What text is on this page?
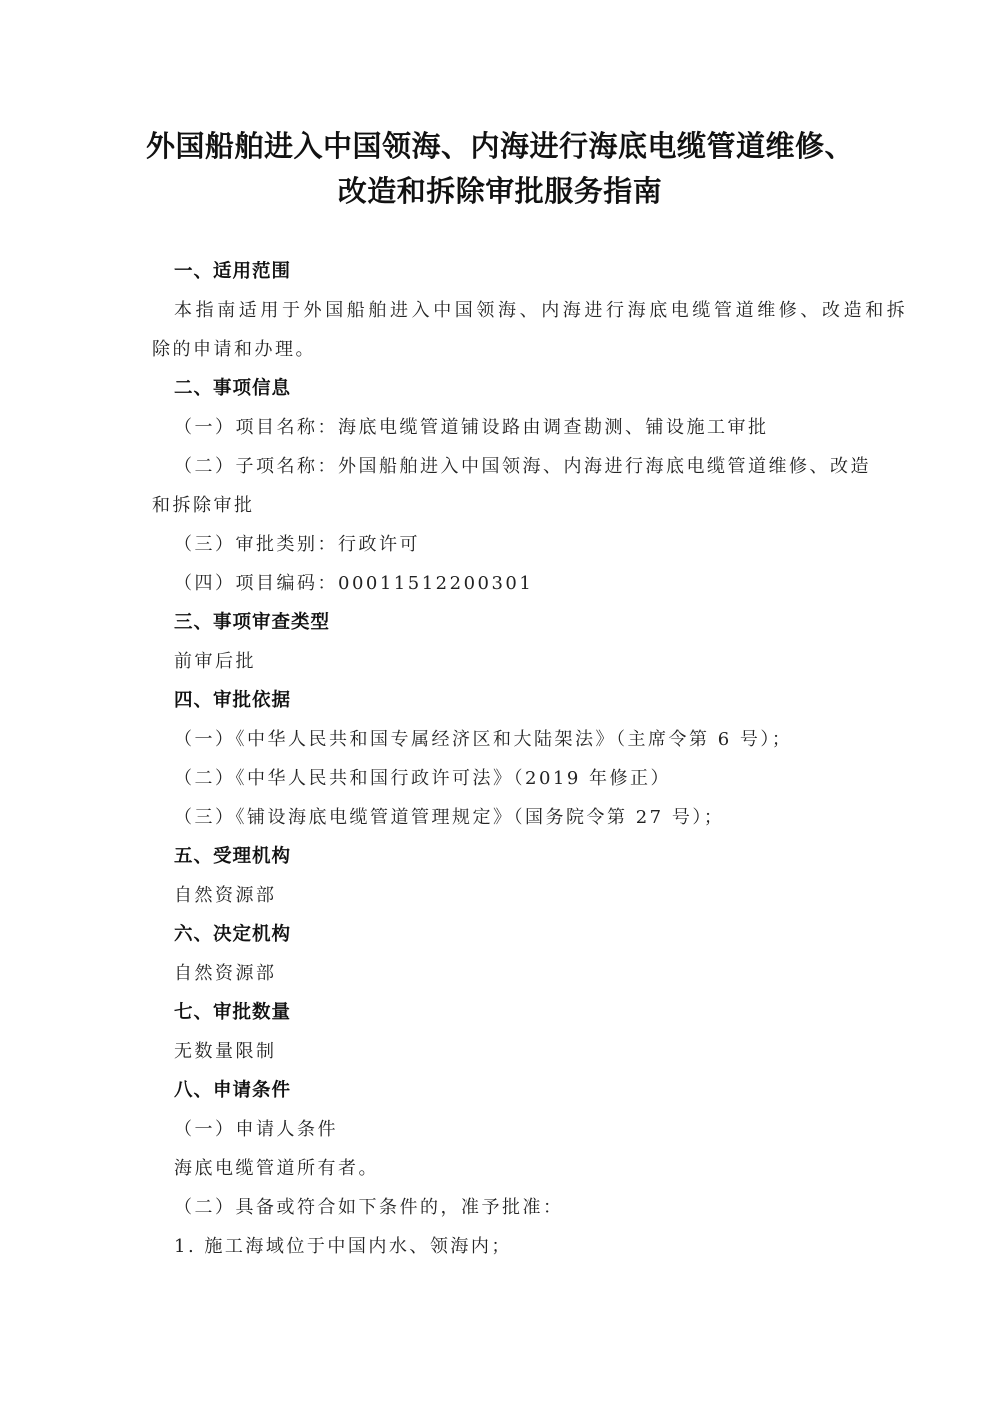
外国船舶进入中国领海、内海进行海底电缆管道维修、
改造和拆除审批服务指南
一、适用范围
本指南适用于外国船舶进入中国领海、内海进行海底电缆管道维修、改造和拆
除的申请和办理。
二、事项信息
（一）项目名称：海底电缆管道铺设路由调查勘测、铺设施工审批
（二）子项名称：外国船舶进入中国领海、内海进行海底电缆管道维修、改造
和拆除审批
（三）审批类别：行政许可
（四）项目编码：00011512200301
三、事项审查类型
前审后批
四、审批依据
（一）《中华人民共和国专属经济区和大陆架法》（主席令第 6 号）；
（二）《中华人民共和国行政许可法》（2019 年修正）
（三）《铺设海底电缆管道管理规定》（国务院令第 27 号）；
五、受理机构
自然资源部
六、决定机构
自然资源部
七、审批数量
无数量限制
八、申请条件
（一）申请人条件
海底电缆管道所有者。
（二）具备或符合如下条件的，准予批准：
1. 施工海域位于中国内水、领海内；
